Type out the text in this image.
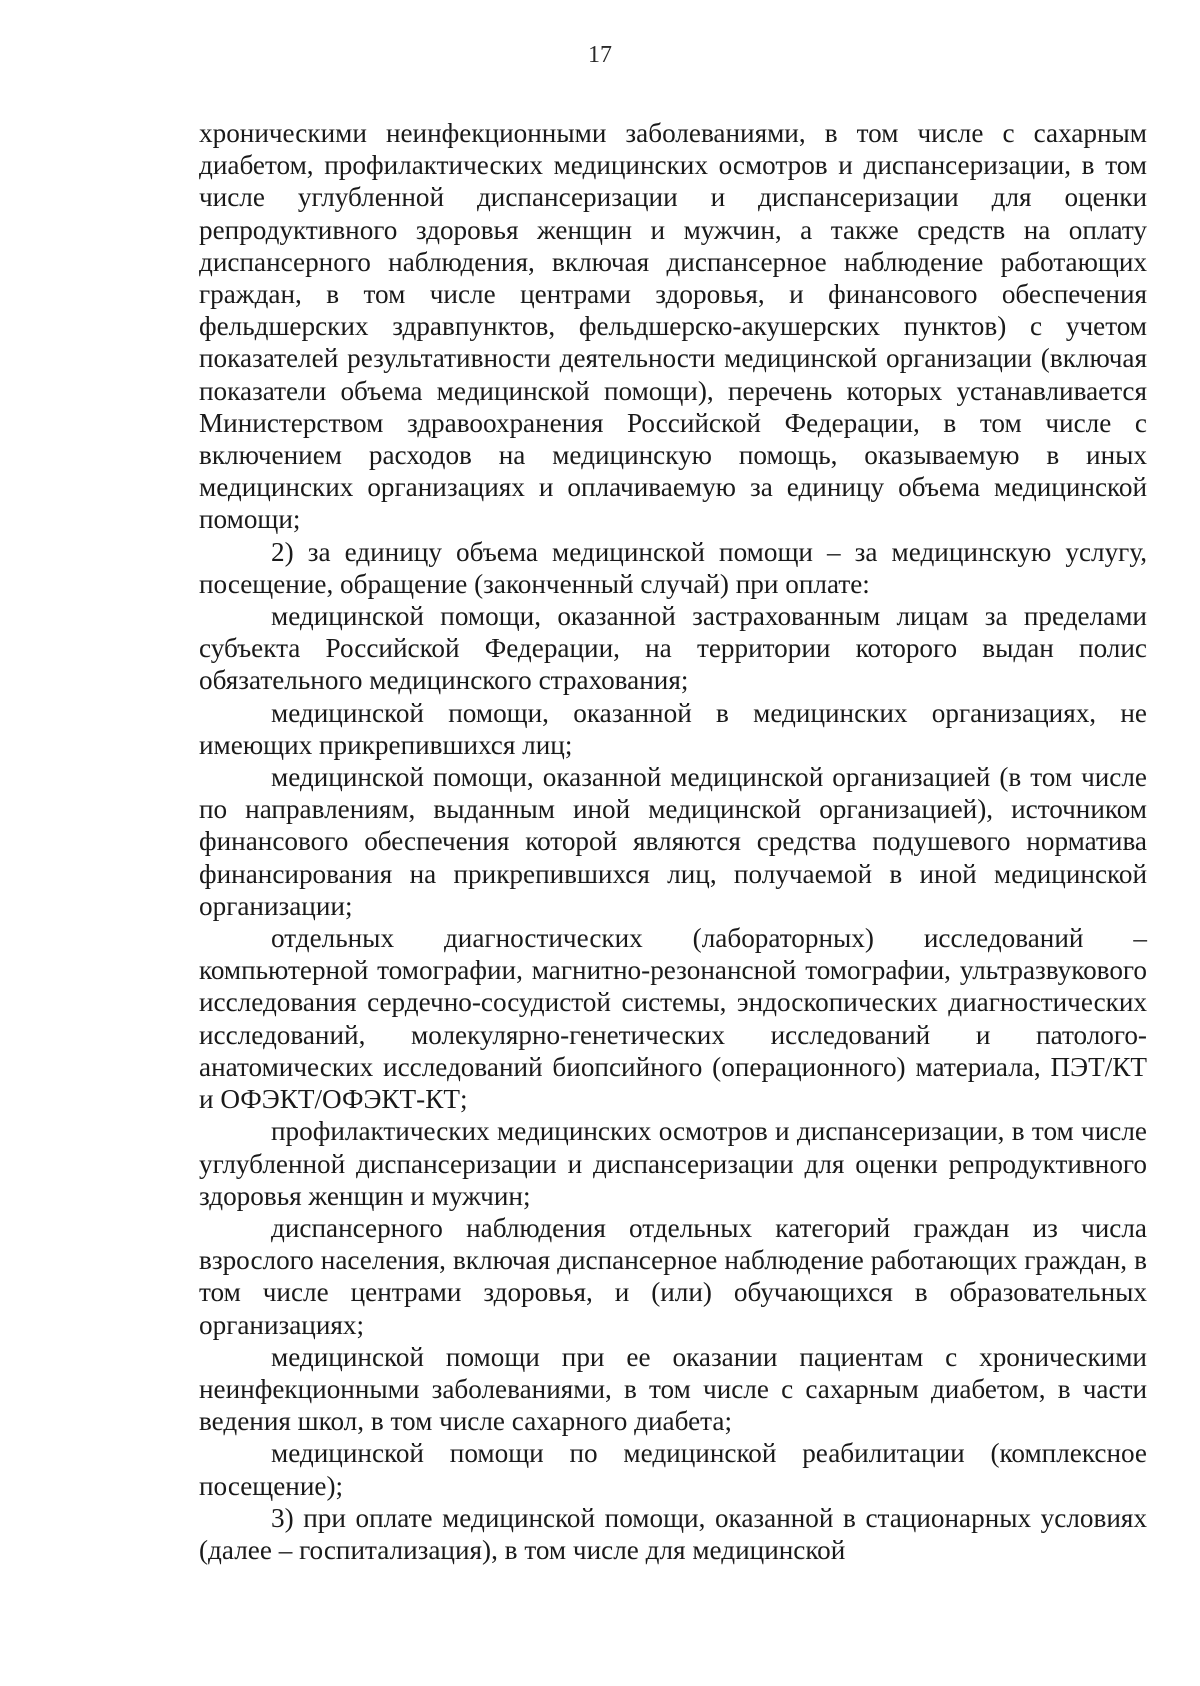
17

хроническими неинфекционными заболеваниями, в том числе с сахарным диабетом, профилактических медицинских осмотров и диспансеризации, в том числе углубленной диспансеризации и диспансеризации для оценки репродуктивного здоровья женщин и мужчин, а также средств на оплату диспансерного наблюдения, включая диспансерное наблюдение работающих граждан, в том числе центрами здоровья, и финансового обеспечения фельдшерских здравпунктов, фельдшерско-акушерских пунктов) с учетом показателей результативности деятельности медицинской организации (включая показатели объема медицинской помощи), перечень которых устанавливается Министерством здравоохранения Российской Федерации, в том числе с включением расходов на медицинскую помощь, оказываемую в иных медицинских организациях и оплачиваемую за единицу объема медицинской помощи;

2) за единицу объема медицинской помощи – за медицинскую услугу, посещение, обращение (законченный случай) при оплате:

медицинской помощи, оказанной застрахованным лицам за пределами субъекта Российской Федерации, на территории которого выдан полис обязательного медицинского страхования;

медицинской помощи, оказанной в медицинских организациях, не имеющих прикрепившихся лиц;

медицинской помощи, оказанной медицинской организацией (в том числе по направлениям, выданным иной медицинской организацией), источником финансового обеспечения которой являются средства подушевого норматива финансирования на прикрепившихся лиц, получаемой в иной медицинской организации;

отдельных диагностических (лабораторных) исследований – компьютерной томографии, магнитно-резонансной томографии, ультразвукового исследования сердечно-сосудистой системы, эндоскопических диагностических исследований, молекулярно-генетических исследований и патолого-анатомических исследований биопсийного (операционного) материала, ПЭТ/КТ и ОФЭКТ/ОФЭКТ-КТ;

профилактических медицинских осмотров и диспансеризации, в том числе углубленной диспансеризации и диспансеризации для оценки репродуктивного здоровья женщин и мужчин;

диспансерного наблюдения отдельных категорий граждан из числа взрослого населения, включая диспансерное наблюдение работающих граждан, в том числе центрами здоровья, и (или) обучающихся в образовательных организациях;

медицинской помощи при ее оказании пациентам с хроническими неинфекционными заболеваниями, в том числе с сахарным диабетом, в части ведения школ, в том числе сахарного диабета;

медицинской помощи по медицинской реабилитации (комплексное посещение);

3) при оплате медицинской помощи, оказанной в стационарных условиях (далее – госпитализация), в том числе для медицинской
